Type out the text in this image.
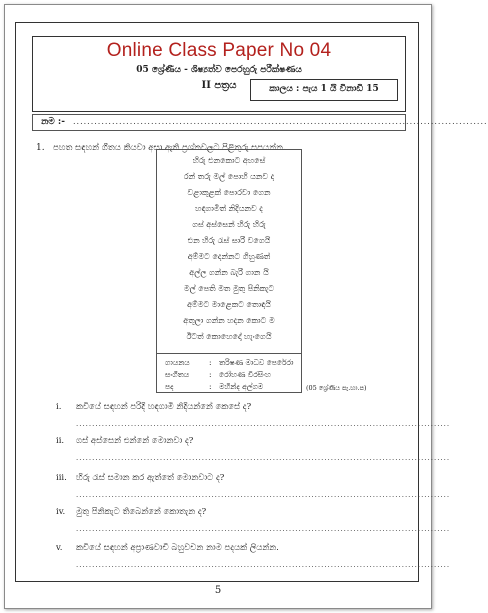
Online Class Paper No 04
05 ශ්‍රේණිය - ශිෂ්‍යත්ව පෙරහුරු පරීක්ෂණය
II පත්‍රය	කාලය : පැය 1 යි විනාඩි 15
නම :- .....................................................................................................................
1. පහත සඳහන් ගීතය කියවා අසා ඇති ප්‍රශ්නවලට පිළිතුරු සපයන්න.
හිරු එනකොට අහසේ
රන් තරු මල් පොහි යනව ද
වළාකුළක් පොරවා ගෙන
හඳගාමිත් නිදියනව ද
ගස් අස්සෙන් හිරු හිරු
එන හිරු රැස් සාරි වගෙයි
අම්මට දෙන්නට ගිහුණත්
අල්ල ගන්න බැරි ගාන යි
මල් පෙති මත මුතු පිනිකැට
අම්මට මාළෙකට තොඳයි
අතුලා ගන්න හදන කොට ම
ඊටත් කොහෙදෝ හැංගෙයි
ගායනය	: තරිෂණ මාධව පෙරේරා
සංගීතය	: රෝහණ වීරසිංහ
පද	: මහින්ද අල්ගම	(05 ශ්‍රේණිය පැ.හා.ප)
i. කවියේ සඳහන් පරිදි හඳගාමි නිදියන්නේ කෙසේ ද?
....................................................................................................................
ii. ගස් අස්සෙන් එන්නේ මොනවා ද?
....................................................................................................................
iii. හිරු රැස් සමාන කර ඇත්තේ මොනවාට ද?
....................................................................................................................
iv. මුතු පිනිකැට තිබෙන්නේ කොතැන ද?
....................................................................................................................
v. කවියේ සඳහන් අප්‍රාණවාචී බහුවචන නාම පදයක් ලියන්න.
....................................................................................................................
5
